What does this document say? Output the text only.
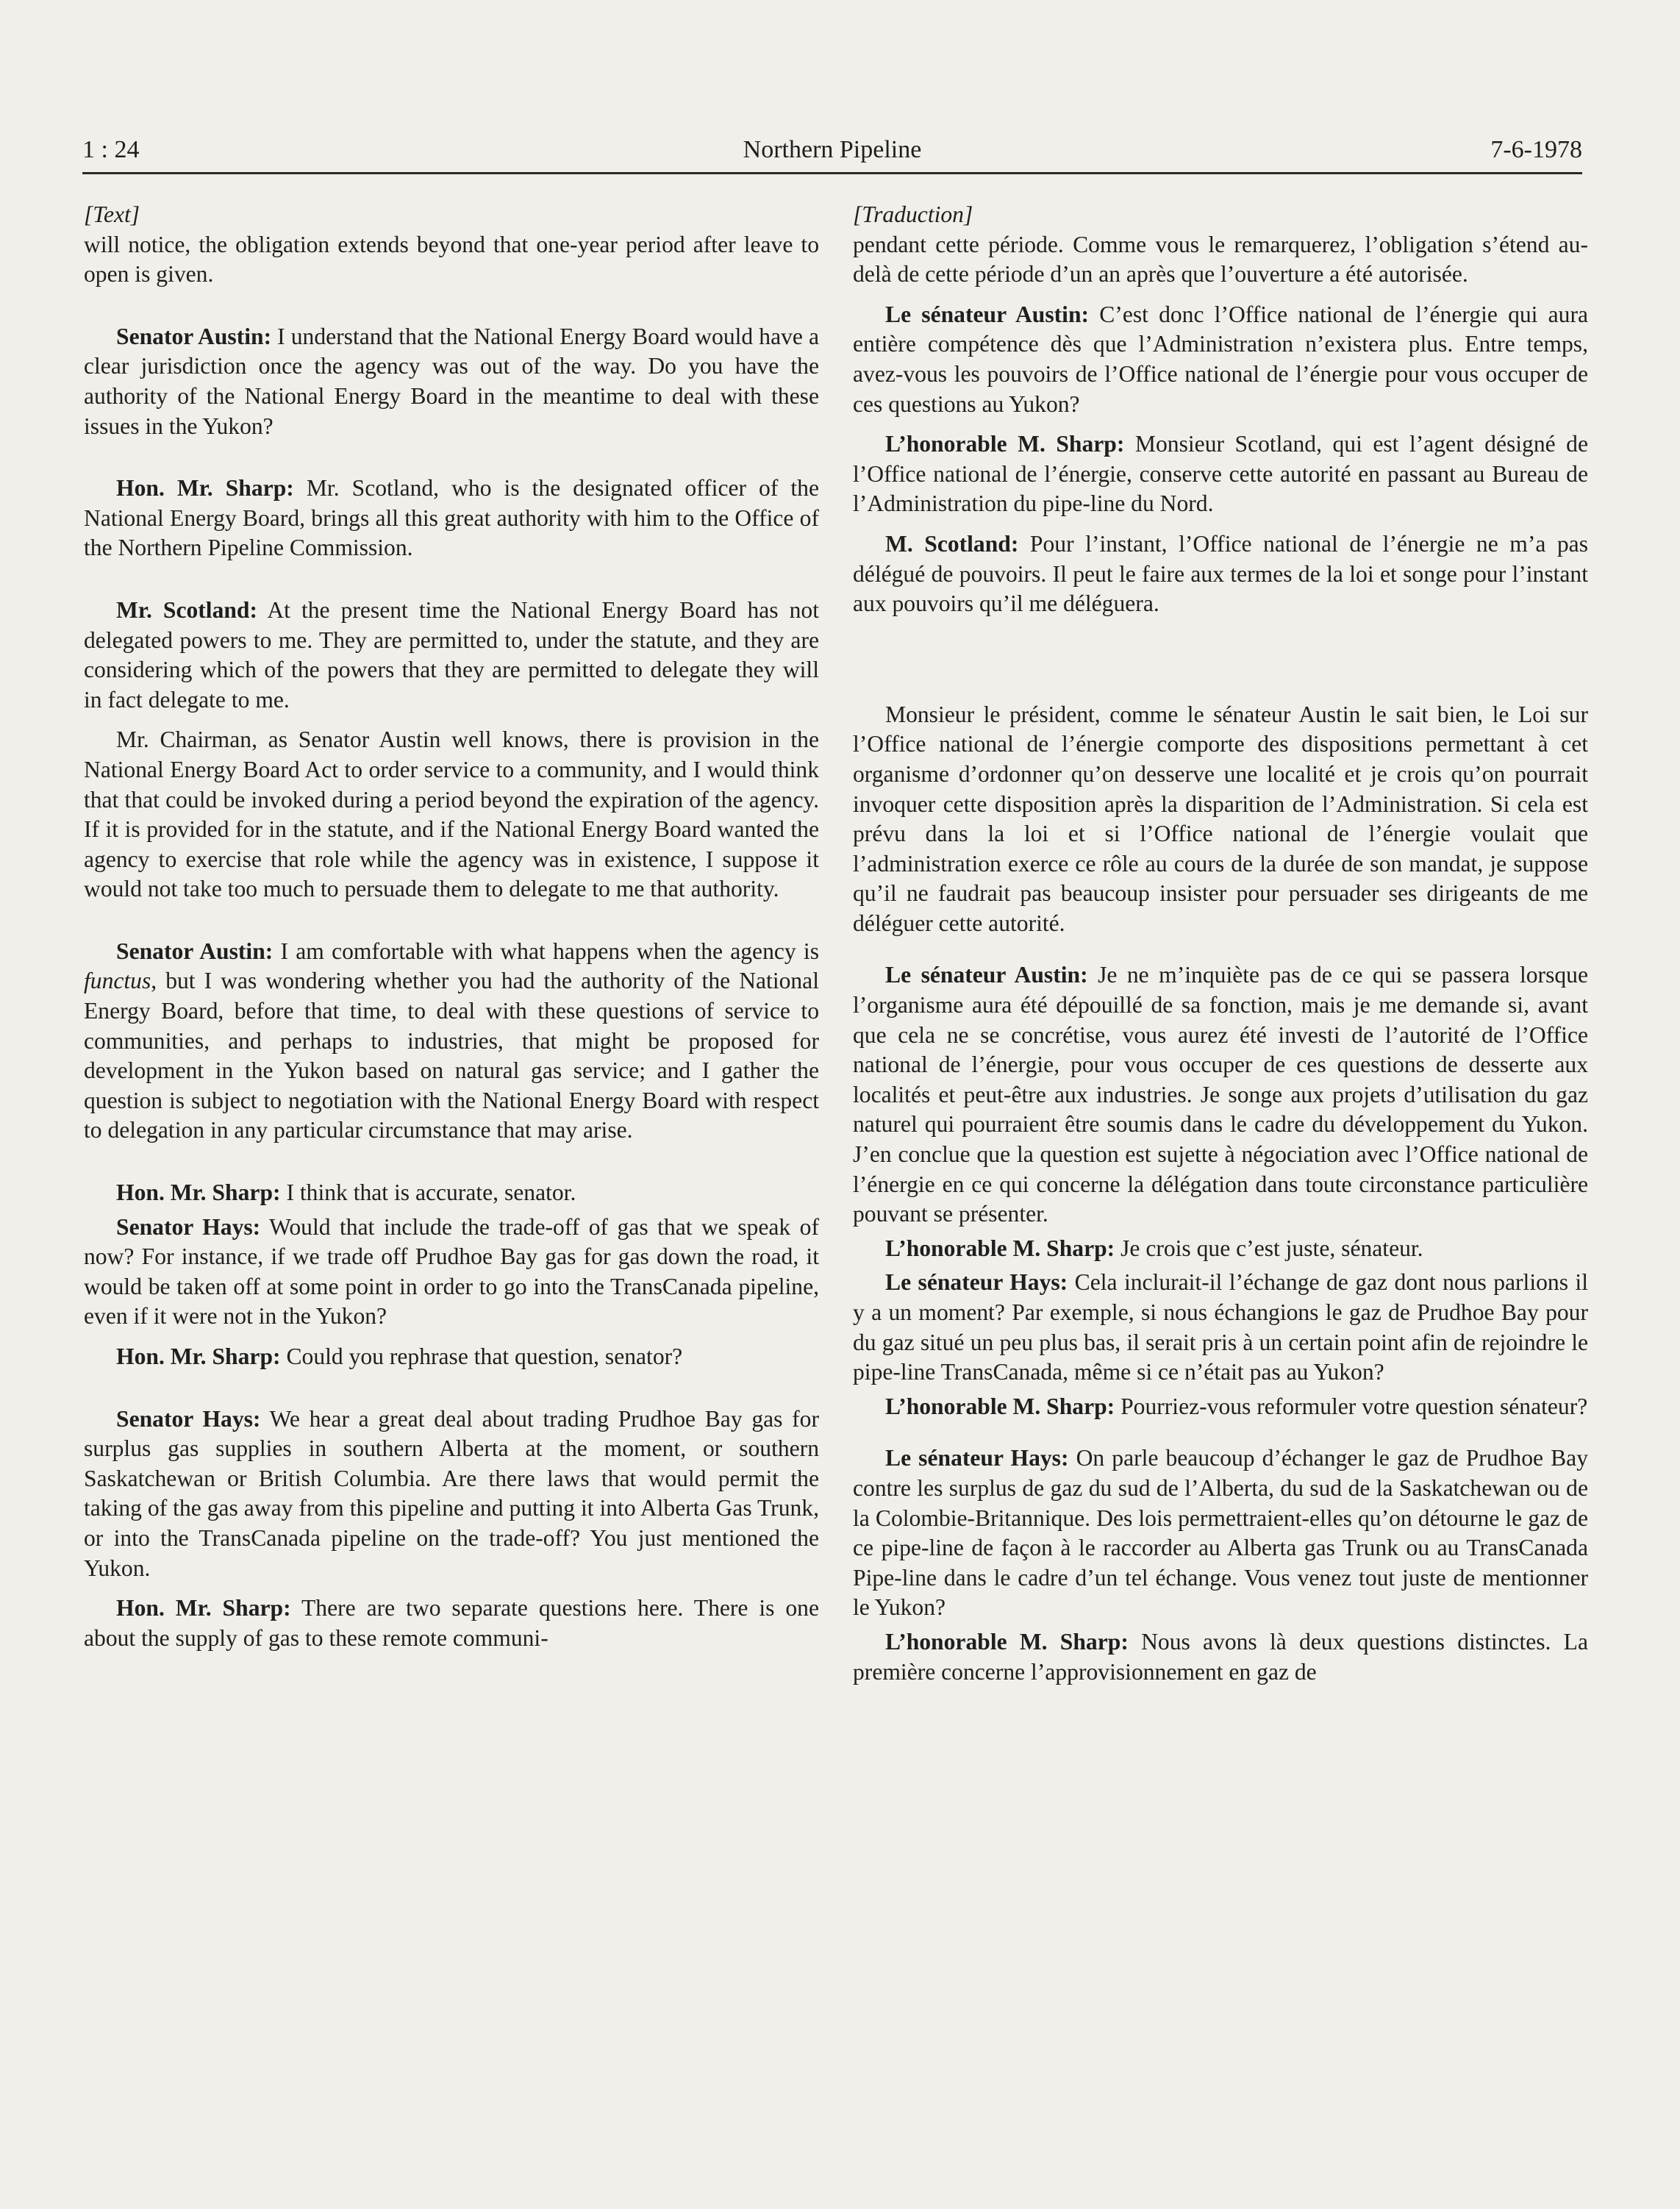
1 : 24	Northern Pipeline	7-6-1978

[Text]

will notice, the obligation extends beyond that one-year period after leave to open is given.

Senator Austin: I understand that the National Energy Board would have a clear jurisdiction once the agency was out of the way. Do you have the authority of the National Energy Board in the meantime to deal with these issues in the Yukon?

Hon. Mr. Sharp: Mr. Scotland, who is the designated officer of the National Energy Board, brings all this great authority with him to the Office of the Northern Pipeline Commission.

Mr. Scotland: At the present time the National Energy Board has not delegated powers to me. They are permitted to, under the statute, and they are considering which of the powers that they are permitted to delegate they will in fact delegate to me.

Mr. Chairman, as Senator Austin well knows, there is provision in the National Energy Board Act to order service to a community, and I would think that that could be invoked during a period beyond the expiration of the agency. If it is provided for in the statute, and if the National Energy Board wanted the agency to exercise that role while the agency was in existence, I suppose it would not take too much to persuade them to delegate to me that authority.

Senator Austin: I am comfortable with what happens when the agency is functus, but I was wondering whether you had the authority of the National Energy Board, before that time, to deal with these questions of service to communities, and perhaps to industries, that might be proposed for development in the Yukon based on natural gas service; and I gather the question is subject to negotiation with the National Energy Board with respect to delegation in any particular circumstance that may arise.

Hon. Mr. Sharp: I think that is accurate, senator.

Senator Hays: Would that include the trade-off of gas that we speak of now? For instance, if we trade off Prudhoe Bay gas for gas down the road, it would be taken off at some point in order to go into the TransCanada pipeline, even if it were not in the Yukon?

Hon. Mr. Sharp: Could you rephrase that question, senator?

Senator Hays: We hear a great deal about trading Prudhoe Bay gas for surplus gas supplies in southern Alberta at the moment, or southern Saskatchewan or British Columbia. Are there laws that would permit the taking of the gas away from this pipeline and putting it into Alberta Gas Trunk, or into the TransCanada pipeline on the trade-off? You just mentioned the Yukon.

Hon. Mr. Sharp: There are two separate questions here. There is one about the supply of gas to these remote communi-

[Traduction]

pendant cette période. Comme vous le remarquerez, l’obligation s’étend au-delà de cette période d’un an après que l’ouverture a été autorisée.

Le sénateur Austin: C’est donc l’Office national de l’énergie qui aura entière compétence dès que l’Administration n’existera plus. Entre temps, avez-vous les pouvoirs de l’Office national de l’énergie pour vous occuper de ces questions au Yukon?

L’honorable M. Sharp: Monsieur Scotland, qui est l’agent désigné de l’Office national de l’énergie, conserve cette autorité en passant au Bureau de l’Administration du pipe-line du Nord.

M. Scotland: Pour l’instant, l’Office national de l’énergie ne m’a pas délégué de pouvoirs. Il peut le faire aux termes de la loi et songe pour l’instant aux pouvoirs qu’il me déléguera.

Monsieur le président, comme le sénateur Austin le sait bien, le Loi sur l’Office national de l’énergie comporte des dispositions permettant à cet organisme d’ordonner qu’on desserve une localité et je crois qu’on pourrait invoquer cette disposition après la disparition de l’Administration. Si cela est prévu dans la loi et si l’Office national de l’énergie voulait que l’administration exerce ce rôle au cours de la durée de son mandat, je suppose qu’il ne faudrait pas beaucoup insister pour persuader ses dirigeants de me déléguer cette autorité.

Le sénateur Austin: Je ne m’inquiète pas de ce qui se passera lorsque l’organisme aura été dépouillé de sa fonction, mais je me demande si, avant que cela ne se concrétise, vous aurez été investi de l’autorité de l’Office national de l’énergie, pour vous occuper de ces questions de desserte aux localités et peut-être aux industries. Je songe aux projets d’utilisation du gaz naturel qui pourraient être soumis dans le cadre du développement du Yukon. J’en conclue que la question est sujette à négociation avec l’Office national de l’énergie en ce qui concerne la délégation dans toute circonstance particulière pouvant se présenter.

L’honorable M. Sharp: Je crois que c’est juste, sénateur.

Le sénateur Hays: Cela inclurait-il l’échange de gaz dont nous parlions il y a un moment? Par exemple, si nous échangions le gaz de Prudhoe Bay pour du gaz situé un peu plus bas, il serait pris à un certain point afin de rejoindre le pipe-line TransCanada, même si ce n’était pas au Yukon?

L’honorable M. Sharp: Pourriez-vous reformuler votre question sénateur?

Le sénateur Hays: On parle beaucoup d’échanger le gaz de Prudhoe Bay contre les surplus de gaz du sud de l’Alberta, du sud de la Saskatchewan ou de la Colombie-Britannique. Des lois permettraient-elles qu’on détourne le gaz de ce pipe-line de façon à le raccorder au Alberta gas Trunk ou au TransCanada Pipe-line dans le cadre d’un tel échange. Vous venez tout juste de mentionner le Yukon?

L’honorable M. Sharp: Nous avons là deux questions distinctes. La première concerne l’approvisionnement en gaz de
